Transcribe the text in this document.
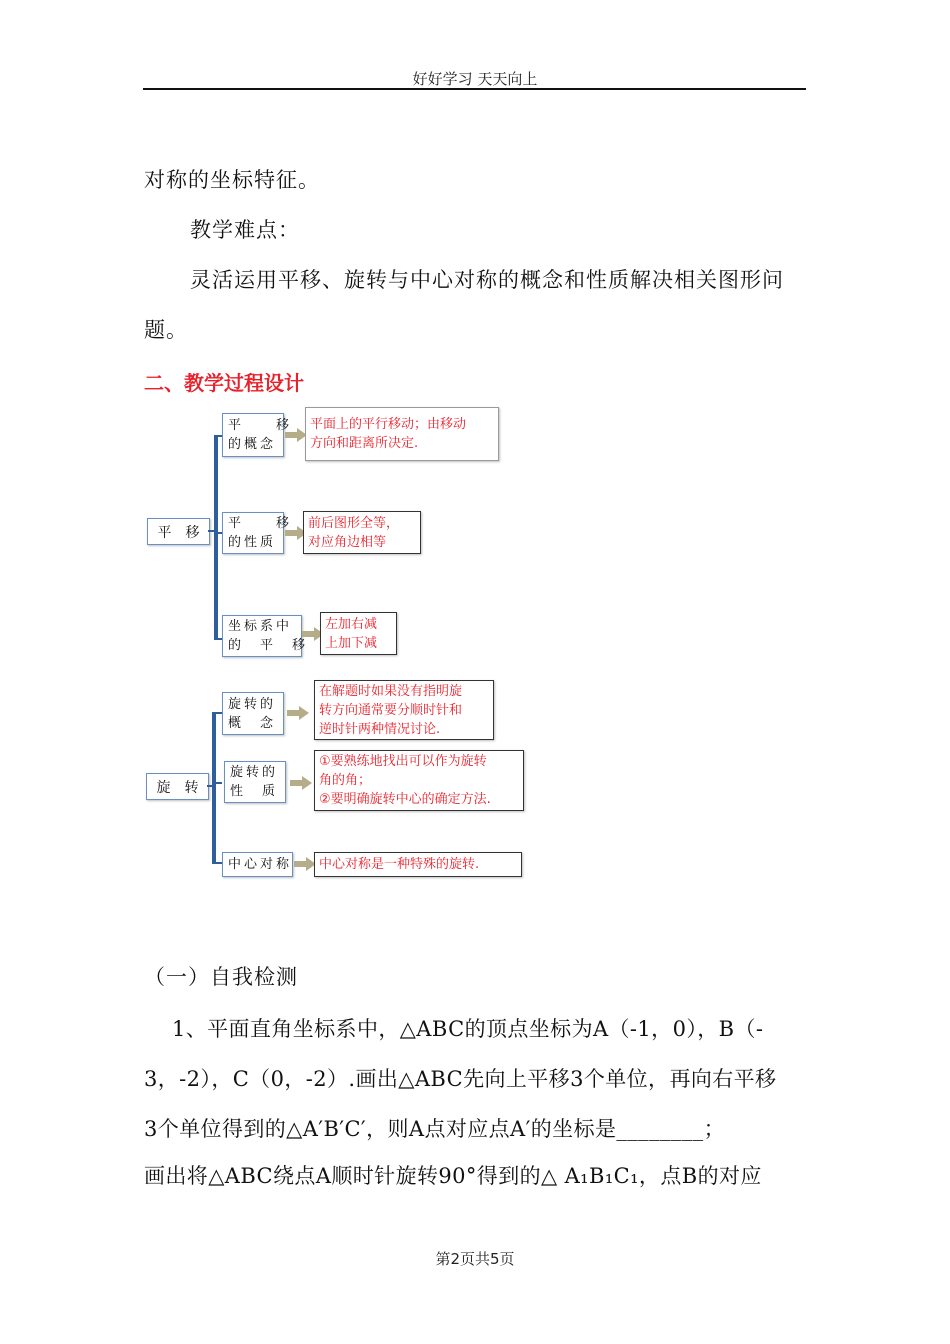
好好学习 天天向上
对称的坐标特征。
教学难点：
灵活运用平移、旋转与中心对称的概念和性质解决相关图形问
题。
二、教学过程设计
平　移
平　　移
的概念
平面上的平行移动；由移动
方向和距离所决定.
平　　移
的性质
前后图形全等，
对应角边相等
坐标系中
的　平　移
左加右减
上加下减
旋　转
旋转的
概　念
在解题时如果没有指明旋
转方向通常要分顺时针和
逆时针两种情况讨论.
旋转的
性　质
①要熟练地找出可以作为旋转
角的角；
②要明确旋转中心的确定方法.
中心对称 中心对称是一种特殊的旋转.
（一）自我检测
1、平面直角坐标系中，△ABC的顶点坐标为A（-1，0），B（-
3，-2），C（0，-2）.画出△ABC先向上平移3个单位，再向右平移
3个单位得到的△A′B′C′，则A点对应点A′的坐标是________；
画出将△ABC绕点A顺时针旋转90°得到的△ A₁B₁C₁，点B的对应
第2页共5页
